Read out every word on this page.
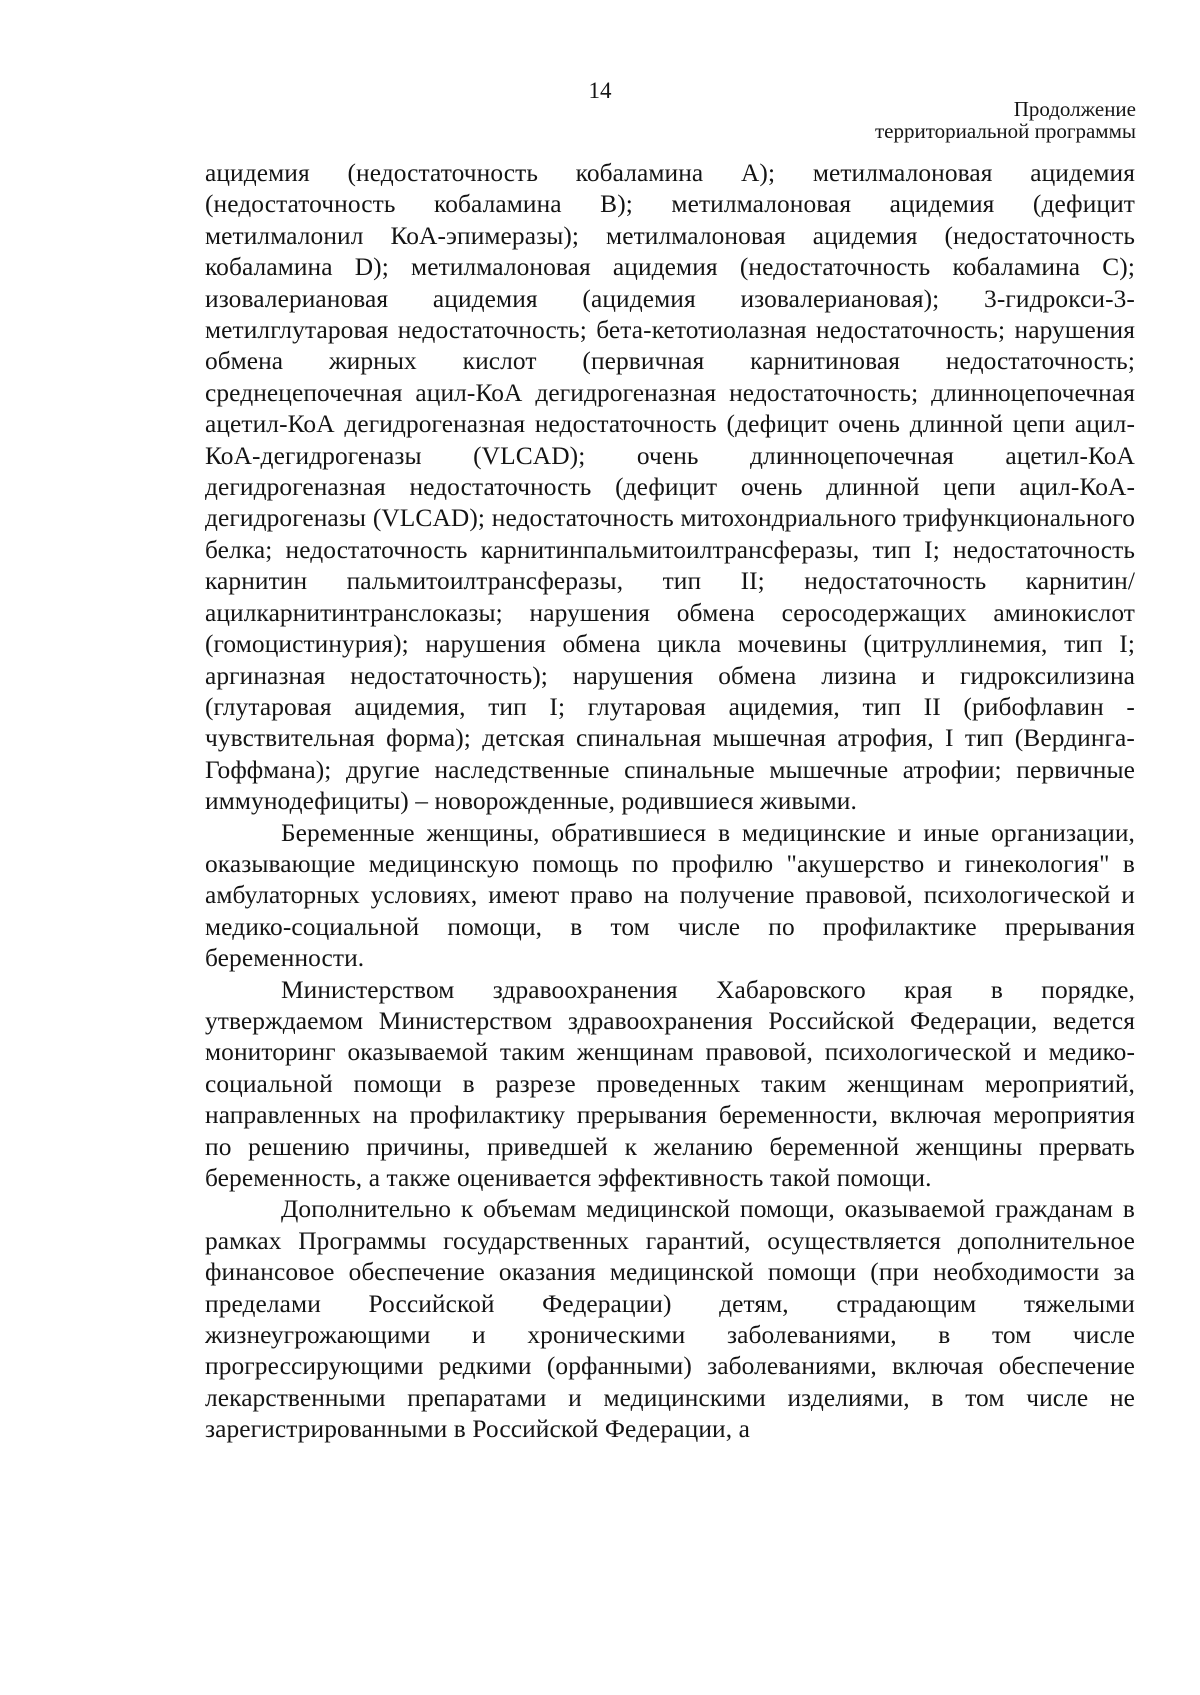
14
Продолжение
территориальной программы

ацидемия (недостаточность кобаламина А); метилмалоновая ацидемия (недостаточность кобаламина В); метилмалоновая ацидемия (дефицит метилмалонил КоА-эпимеразы); метилмалоновая ацидемия (недостаточность кобаламина D); метилмалоновая ацидемия (недостаточность кобаламина С); изовалериановая ацидемия (ацидемия изовалериановая); 3-гидрокси-3-метилглутаровая недостаточность; бета-кетотиолазная недостаточность; нарушения обмена жирных кислот (первичная карнитиновая недостаточность; среднецепочечная ацил-КоА дегидрогеназная недостаточность; длинноцепочечная ацетил-КоА дегидрогеназная недостаточность (дефицит очень длинной цепи ацил-КоА-дегидрогеназы (VLCAD); очень длинноцепочечная ацетил-КоА дегидрогеназная недостаточность (дефицит очень длинной цепи ацил-КоА-дегидрогеназы (VLCAD); недостаточность митохондриального трифункционального белка; недостаточность карнитинпальмитоилтрансферазы, тип I; недостаточность карнитин пальмитоилтрансферазы, тип II; недостаточность карнитин/ацилкарнитинтранслоказы; нарушения обмена серосодержащих аминокислот (гомоцистинурия); нарушения обмена цикла мочевины (цитруллинемия, тип I; аргиназная недостаточность); нарушения обмена лизина и гидроксилизина (глутаровая ацидемия, тип I; глутаровая ацидемия, тип II (рибофлавин - чувствительная форма); детская спинальная мышечная атрофия, I тип (Вердинга-Гоффмана); другие наследственные спинальные мышечные атрофии; первичные иммунодефициты) – новорожденные, родившиеся живыми.

Беременные женщины, обратившиеся в медицинские и иные организации, оказывающие медицинскую помощь по профилю "акушерство и гинекология" в амбулаторных условиях, имеют право на получение правовой, психологической и медико-социальной помощи, в том числе по профилактике прерывания беременности.

Министерством здравоохранения Хабаровского края в порядке, утверждаемом Министерством здравоохранения Российской Федерации, ведется мониторинг оказываемой таким женщинам правовой, психологической и медико-социальной помощи в разрезе проведенных таким женщинам мероприятий, направленных на профилактику прерывания беременности, включая мероприятия по решению причины, приведшей к желанию беременной женщины прервать беременность, а также оценивается эффективность такой помощи.

Дополнительно к объемам медицинской помощи, оказываемой гражданам в рамках Программы государственных гарантий, осуществляется дополнительное финансовое обеспечение оказания медицинской помощи (при необходимости за пределами Российской Федерации) детям, страдающим тяжелыми жизнеугрожающими и хроническими заболеваниями, в том числе прогрессирующими редкими (орфанными) заболеваниями, включая обеспечение лекарственными препаратами и медицинскими изделиями, в том числе не зарегистрированными в Российской Федерации, а
